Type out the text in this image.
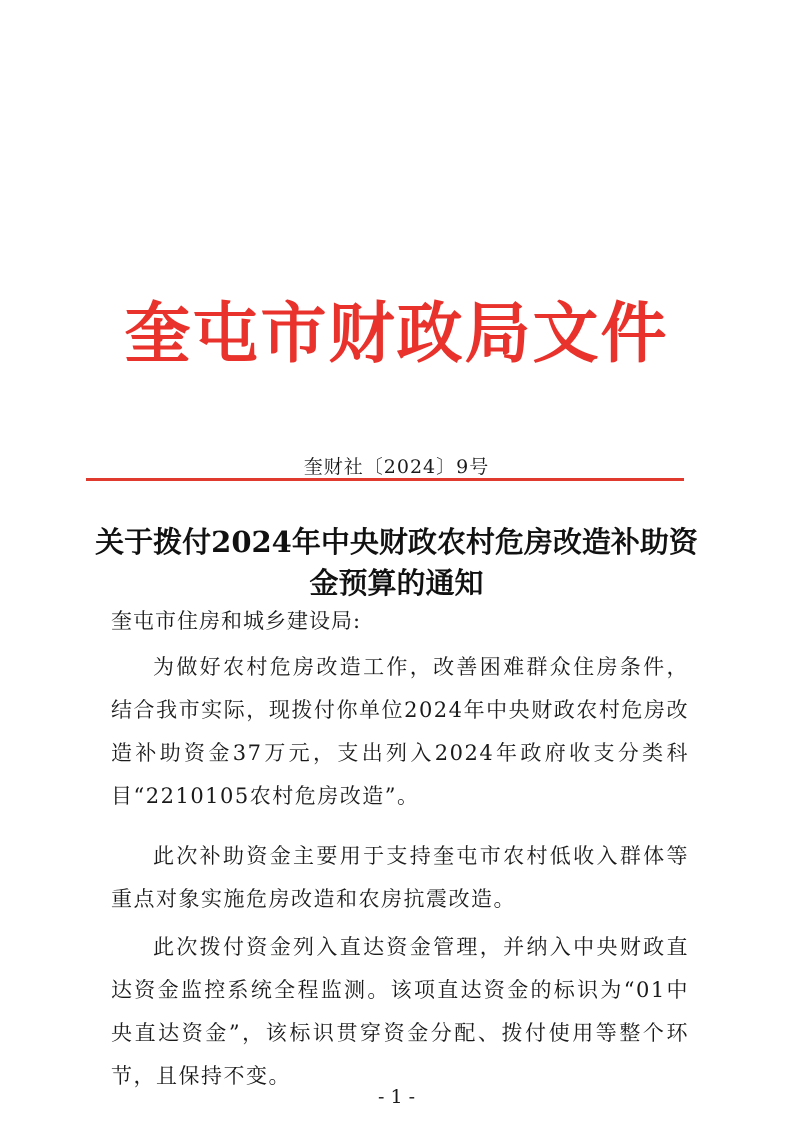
奎屯市财政局文件
奎财社〔2024〕9号
关于拨付2024年中央财政农村危房改造补助资金预算的通知
奎屯市住房和城乡建设局:

为做好农村危房改造工作，改善困难群众住房条件，结合我市实际，现拨付你单位2024年中央财政农村危房改造补助资金37万元，支出列入2024年政府收支分类科目“2210105农村危房改造”。

此次补助资金主要用于支持奎屯市农村低收入群体等重点对象实施危房改造和农房抗震改造。

此次拨付资金列入直达资金管理，并纳入中央财政直达资金监控系统全程监测。该项直达资金的标识为“01中央直达资金”，该标识贯穿资金分配、拨付使用等整个环节，且保持不变。

- 1 -
